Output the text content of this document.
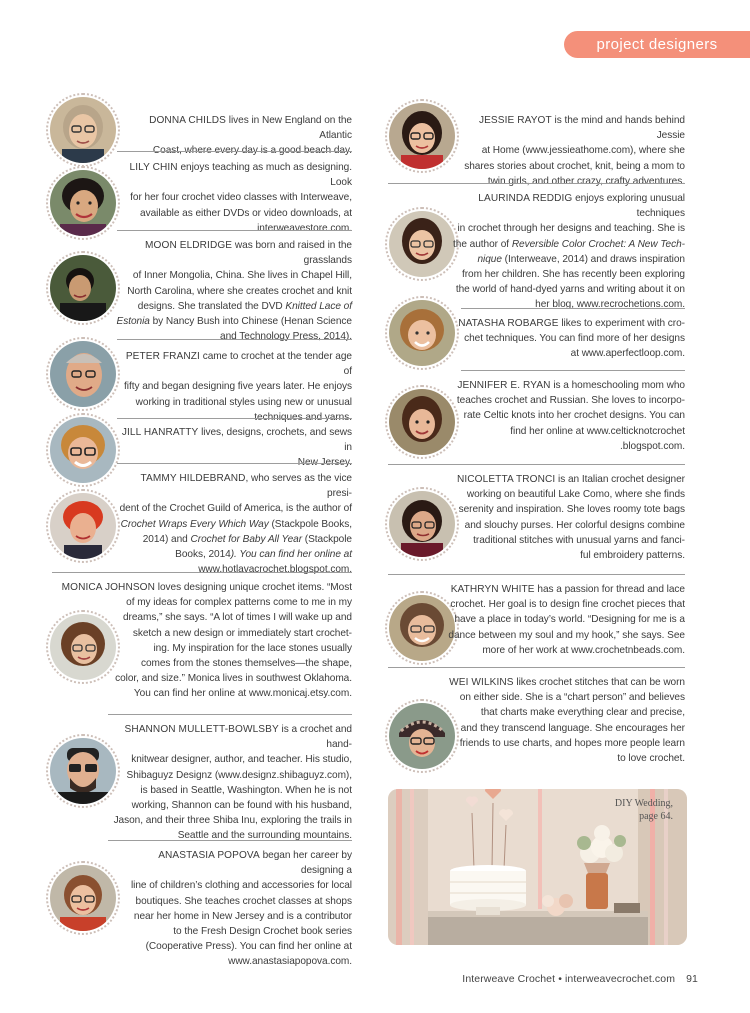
project designers
DONNA CHILDS lives in New England on the Atlantic
Coast, where every day is a good beach day.
LILY CHIN enjoys teaching as much as designing. Look
for her four crochet video classes with Interweave,
available as either DVDs or video downloads, at
interweavestore.com.
MOON ELDRIDGE was born and raised in the grasslands
of Inner Mongolia, China. She lives in Chapel Hill,
North Carolina, where she creates crochet and knit
designs. She translated the DVD Knitted Lace of
Estonia by Nancy Bush into Chinese (Henan Science
and Technology Press, 2014).
PETER FRANZI came to crochet at the tender age of
fifty and began designing five years later. He enjoys
working in traditional styles using new or unusual
techniques and yarns.
JILL HANRATTY lives, designs, crochets, and sews in
New Jersey.
TAMMY HILDEBRAND, who serves as the vice presi-
dent of the Crochet Guild of America, is the author of
Crochet Wraps Every Which Way (Stackpole Books,
2014) and Crochet for Baby All Year (Stackpole
Books, 2014). You can find her online at
www.hotlavacrochet.blogspot.com.
MONICA JOHNSON loves designing unique crochet items. “Most
of my ideas for complex patterns come to me in my
dreams,” she says. “A lot of times I will wake up and
sketch a new design or immediately start crochet-
ing. My inspiration for the lace stones usually
comes from the stones themselves—the shape,
color, and size.” Monica lives in southwest Oklahoma.
You can find her online at www.monicaj.etsy.com.
SHANNON MULLETT-BOWLSBY is a crochet and hand-
knitwear designer, author, and teacher. His studio,
Shibaguyz Designz (www.designz.shibaguyz.com),
is based in Seattle, Washington. When he is not
working, Shannon can be found with his husband,
Jason, and their three Shiba Inu, exploring the trails in
Seattle and the surrounding mountains.
ANASTASIA POPOVA began her career by designing a
line of children’s clothing and accessories for local
boutiques. She teaches crochet classes at shops
near her home in New Jersey and is a contributor
to the Fresh Design Crochet book series
(Cooperative Press). You can find her online at
www.anastasiapopova.com.
JESSIE RAYOT is the mind and hands behind Jessie
at Home (www.jessieathome.com), where she
shares stories about crochet, knit, being a mom to
twin girls, and other crazy, crafty adventures.
LAURINDA REDDIG enjoys exploring unusual techniques
in crochet through her designs and teaching. She is
the author of Reversible Color Crochet: A New Tech-
nique (Interweave, 2014) and draws inspiration
from her children. She has recently been exploring
the world of hand-dyed yarns and writing about it on
her blog, www.recrochetions.com.
NATASHA ROBARGE likes to experiment with cro-
chet techniques. You can find more of her designs
at www.aperfectloop.com.
JENNIFER E. RYAN is a homeschooling mom who
teaches crochet and Russian. She loves to incorpo-
rate Celtic knots into her crochet designs. You can
find her online at www.celticknotcrochet
.blogspot.com.
NICOLETTA TRONCI is an Italian crochet designer
working on beautiful Lake Como, where she finds
serenity and inspiration. She loves roomy tote bags
and slouchy purses. Her colorful designs combine
traditional stitches with unusual yarns and fanci-
ful embroidery patterns.
KATHRYN WHITE has a passion for thread and lace
crochet. Her goal is to design fine crochet pieces that
have a place in today’s world. “Designing for me is a
dance between my soul and my hook,” she says. See
more of her work at www.crochetnbeads.com.
WEI WILKINS likes crochet stitches that can be worn
on either side. She is a “chart person” and believes
that charts make everything clear and precise,
and they transcend language. She encourages her
friends to use charts, and hopes more people learn
to love crochet.
DIY Wedding,
page 64.
Interweave Crochet • interweavecrochet.com 91
